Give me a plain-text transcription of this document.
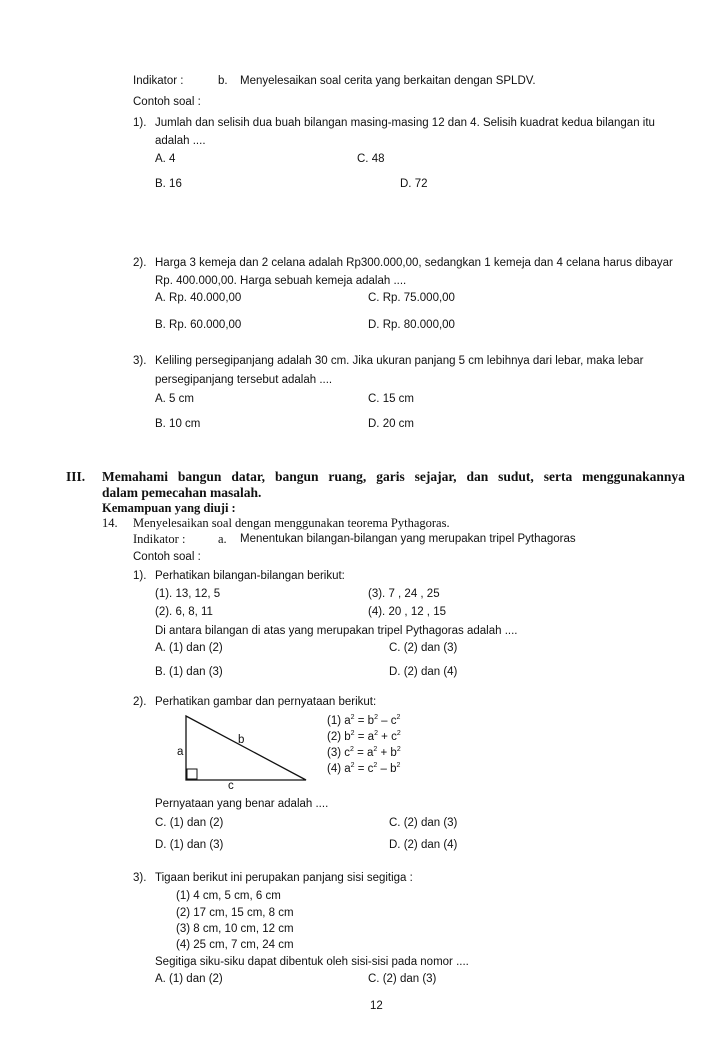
Indikator :	b. Menyelesaikan soal cerita yang berkaitan dengan SPLDV.
Contoh soal :
1). Jumlah dan selisih dua buah bilangan masing-masing 12 dan 4. Selisih kuadrat kedua bilangan itu
adalah ....
A. 4	C. 48
B. 16	D. 72
2). Harga 3 kemeja dan 2 celana adalah Rp300.000,00, sedangkan 1 kemeja dan 4 celana harus dibayar
Rp. 400.000,00. Harga sebuah kemeja adalah ....
A. Rp. 40.000,00	C. Rp. 75.000,00
B. Rp. 60.000,00	D. Rp. 80.000,00
3). Keliling persegipanjang adalah 30 cm. Jika ukuran panjang 5 cm lebihnya dari lebar, maka lebar
persegipanjang tersebut adalah ....
A. 5 cm	C. 15 cm
B. 10 cm	D. 20 cm
III. Memahami bangun datar, bangun ruang, garis sejajar, dan sudut, serta menggunakannya
dalam pemecahan masalah.
Kemampuan yang diuji :
14. Menyelesaikan soal dengan menggunakan teorema Pythagoras.
Indikator :	a. Menentukan bilangan-bilangan yang merupakan tripel Pythagoras
Contoh soal :
1). Perhatikan bilangan-bilangan berikut:
(1). 13, 12, 5	(3). 7 , 24 , 25
(2). 6, 8, 11	(4). 20 , 12 , 15
Di antara bilangan di atas yang merupakan tripel Pythagoras adalah ....
A. (1) dan (2)	C. (2) dan (3)
B. (1) dan (3)	D. (2) dan (4)
2). Perhatikan gambar dan pernyataan berikut:
a
b
c
(1) $a^2 = b^2 - c^2$
(2) $b^2 = a^2 + c^2$
(3) $c^2 = a^2 + b^2$
(4) $a^2 = c^2 - b^2$
Pernyataan yang benar adalah ....
C. (1) dan (2)	C. (2) dan (3)
D. (1) dan (3)	D. (2) dan (4)
3). Tigaan berikut ini perupakan panjang sisi segitiga :
(1) 4 cm, 5 cm, 6 cm
(2) 17 cm, 15 cm, 8 cm
(3) 8 cm, 10 cm, 12 cm
(4) 25 cm, 7 cm, 24 cm
Segitiga siku-siku dapat dibentuk oleh sisi-sisi pada nomor ....
A. (1) dan (2)	C. (2) dan (3)
12
